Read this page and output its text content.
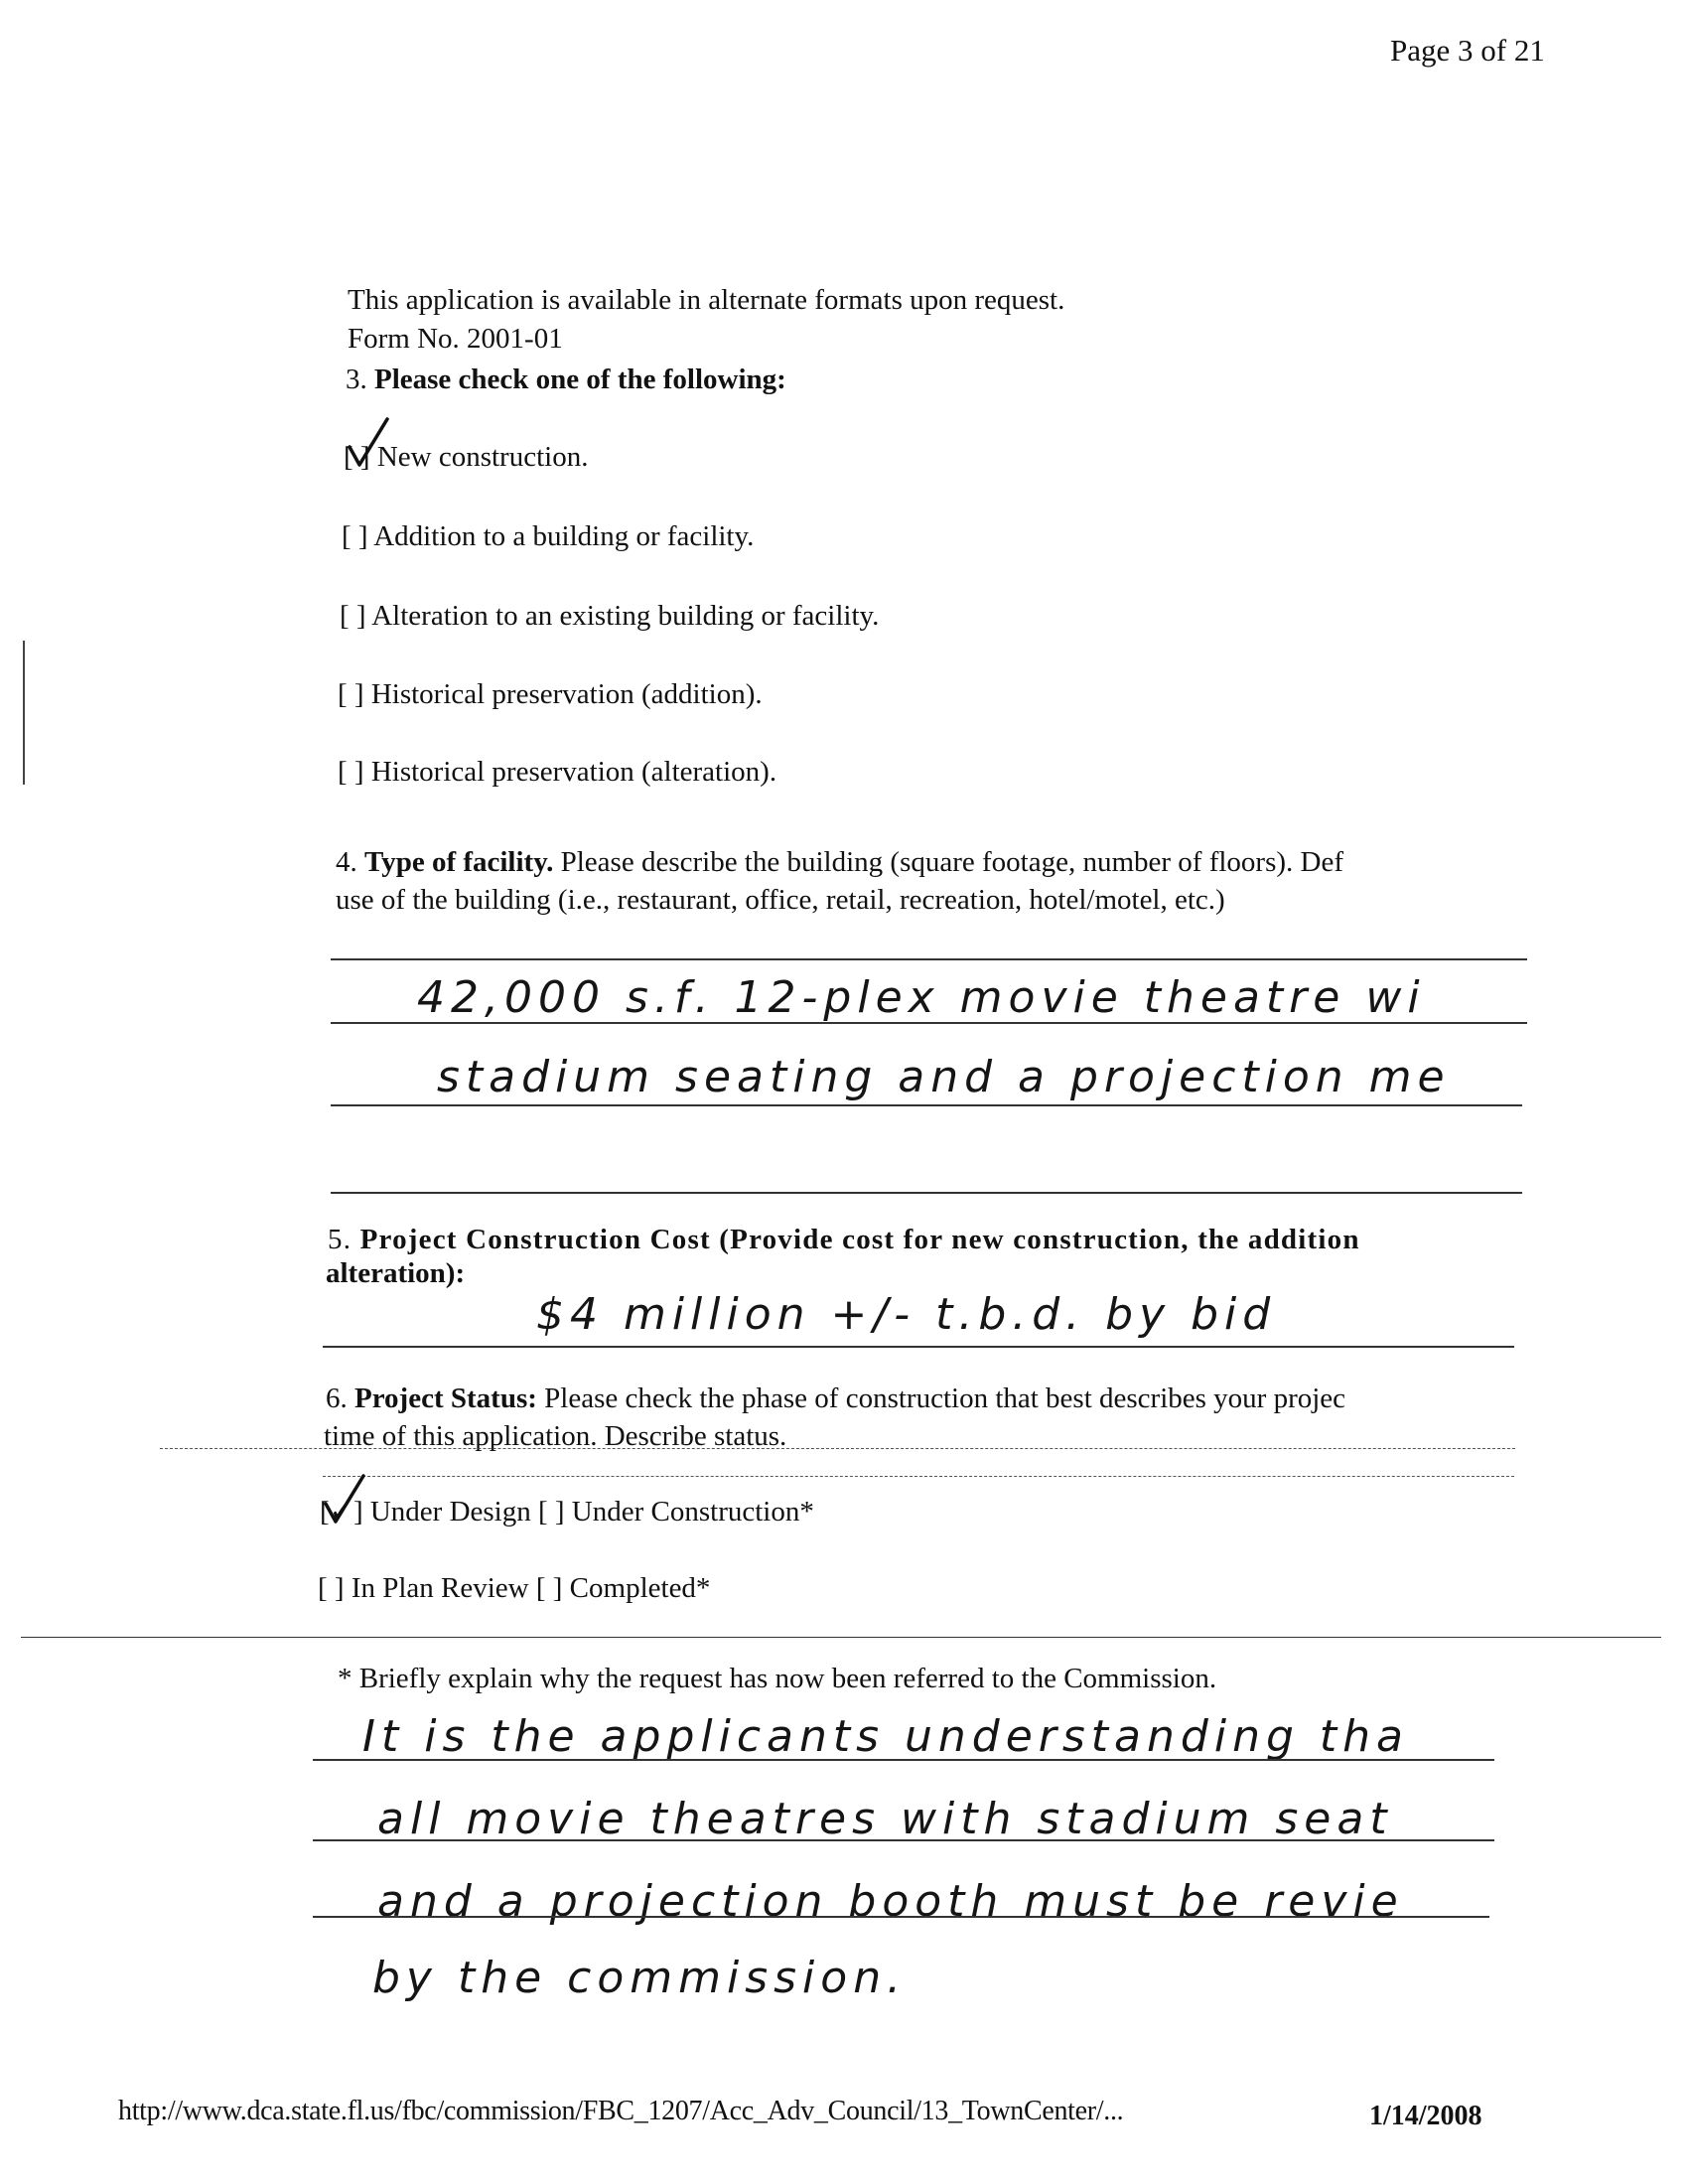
Page 3 of 21
This application is available in alternate formats upon request.
Form No. 2001-01
3. Please check one of the following:
[ ] New construction.
[ ] Addition to a building or facility.
[ ] Alteration to an existing building or facility.
[ ] Historical preservation (addition).
[ ] Historical preservation (alteration).
4. Type of facility. Please describe the building (square footage, number of floors). Def
use of the building (i.e., restaurant, office, retail, recreation, hotel/motel, etc.)
42,000 s.f. 12-plex movie theatre wi
stadium seating and a projection me
5. Project Construction Cost (Provide cost for new construction, the addition
alteration):
$4 million +/- t.b.d. by bid
6. Project Status: Please check the phase of construction that best describes your projec
time of this application. Describe status.
[✓] Under Design [ ] Under Construction*
[ ] In Plan Review [ ] Completed*
* Briefly explain why the request has now been referred to the Commission.
It is the applicants understanding tha
all movie theatres with stadium seat
and a projection booth must be revie
by the commission.
http://www.dca.state.fl.us/fbc/commission/FBC_1207/Acc_Adv_Council/13_TownCenter/...	1/14/2008
